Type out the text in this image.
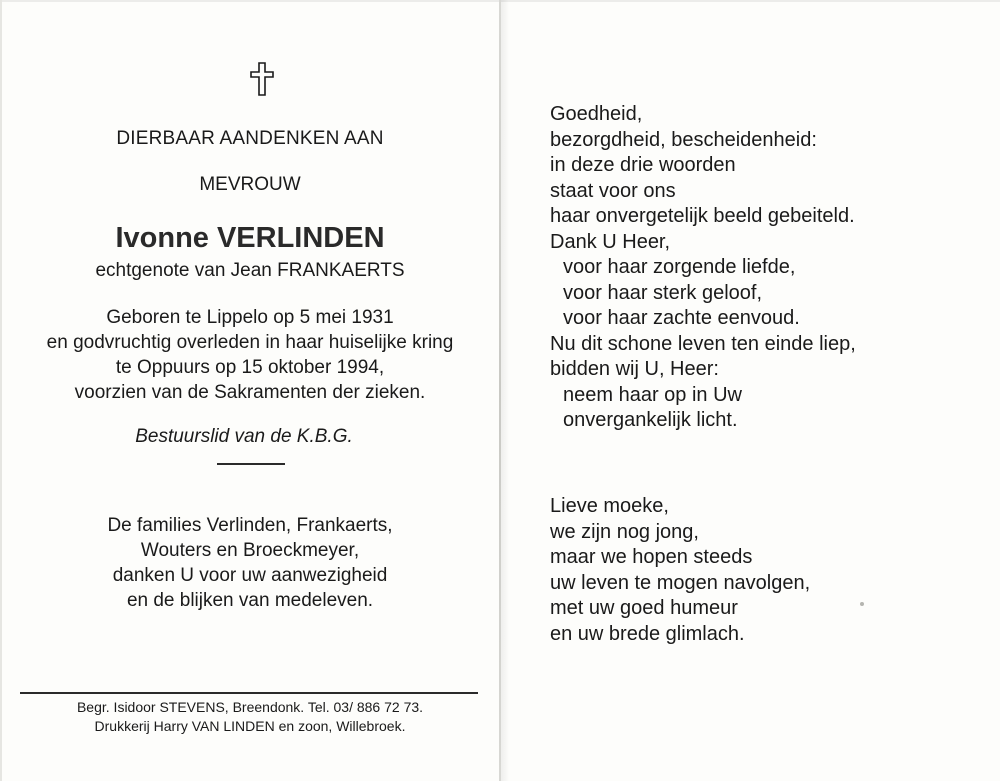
DIERBAAR AANDENKEN AAN
MEVROUW
Ivonne VERLINDEN
echtgenote van Jean FRANKAERTS
Geboren te Lippelo op 5 mei 1931
en godvruchtig overleden in haar huiselijke kring
te Oppuurs op 15 oktober 1994,
voorzien van de Sakramenten der zieken.
Bestuurslid van de K.B.G.
De families Verlinden, Frankaerts,
Wouters en Broeckmeyer,
danken U voor uw aanwezigheid
en de blijken van medeleven.
Begr. Isidoor STEVENS, Breendonk. Tel. 03/ 886 72 73.
Drukkerij Harry VAN LINDEN en zoon, Willebroek.
Goedheid,
bezorgdheid, bescheidenheid:
in deze drie woorden
staat voor ons
haar onvergetelijk beeld gebeiteld.
Dank U Heer,
voor haar zorgende liefde,
voor haar sterk geloof,
voor haar zachte eenvoud.
Nu dit schone leven ten einde liep,
bidden wij U, Heer:
neem haar op in Uw
onvergankelijk licht.
Lieve moeke,
we zijn nog jong,
maar we hopen steeds
uw leven te mogen navolgen,
met uw goed humeur
en uw brede glimlach.
